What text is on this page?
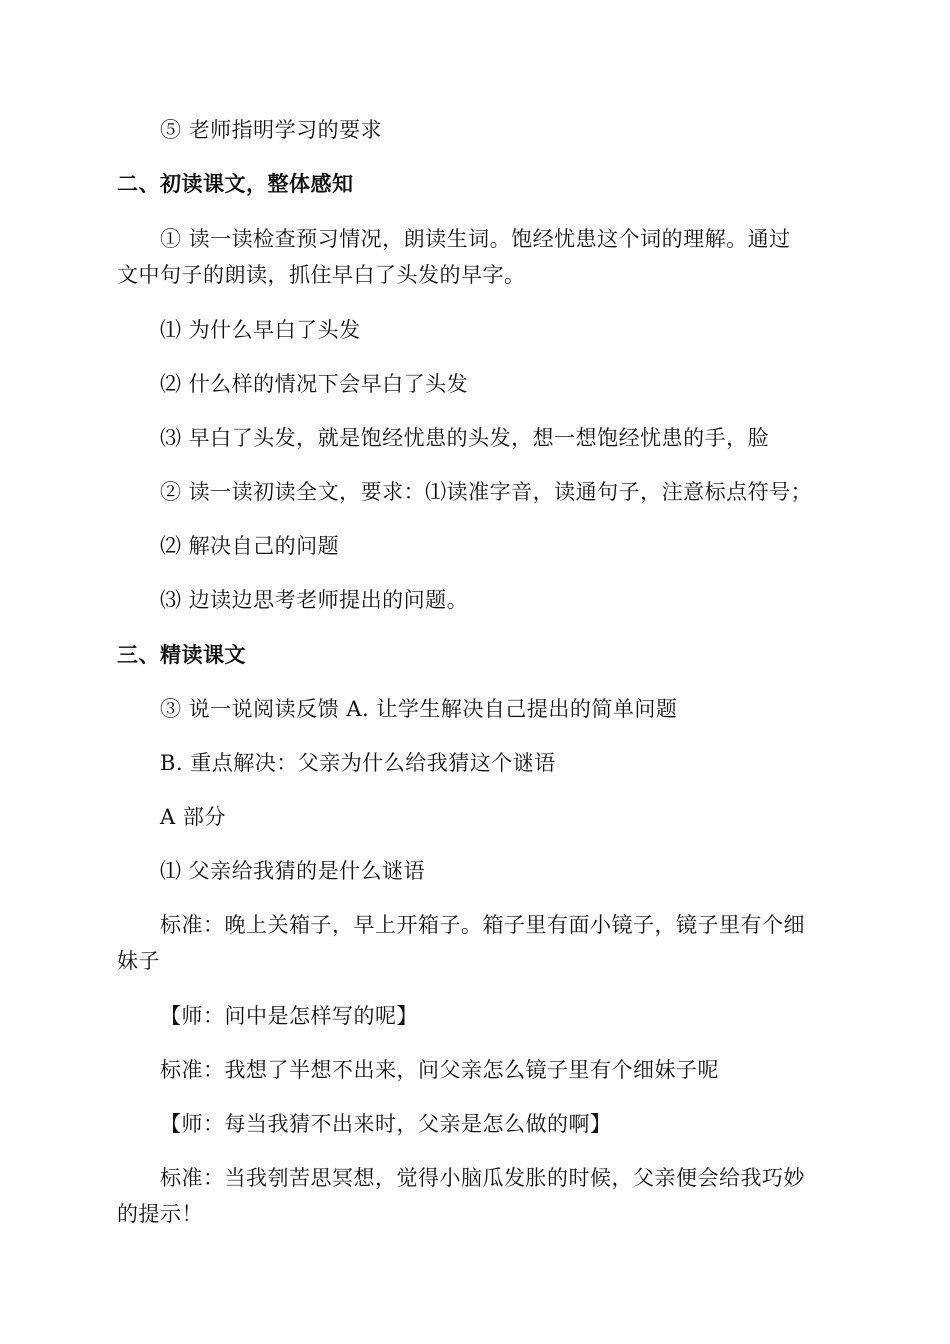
⑤ 老师指明学习的要求
二、初读课文，整体感知
① 读一读检查预习情况，朗读生词。饱经忧患这个词的理解。通过
文中句子的朗读，抓住早白了头发的早字。
⑴ 为什么早白了头发
⑵ 什么样的情况下会早白了头发
⑶ 早白了头发，就是饱经忧患的头发，想一想饱经忧患的手，脸
② 读一读初读全文，要求：⑴读准字音，读通句子，注意标点符号；
⑵ 解决自己的问题
⑶ 边读边思考老师提出的问题。
三、精读课文
③ 说一说阅读反馈 A. 让学生解决自己提出的简单问题
B. 重点解决：父亲为什么给我猜这个谜语
A 部分
⑴ 父亲给我猜的是什么谜语
标准：晚上关箱子，早上开箱子。箱子里有面小镜子，镜子里有个细
妹子
【师：问中是怎样写的呢】
标准：我想了半想不出来，问父亲怎么镜子里有个细妹子呢
【师：每当我猜不出来时，父亲是怎么做的啊】
标准：当我刳苦思冥想，觉得小脑瓜发胀的时候，父亲便会给我巧妙
的提示！
